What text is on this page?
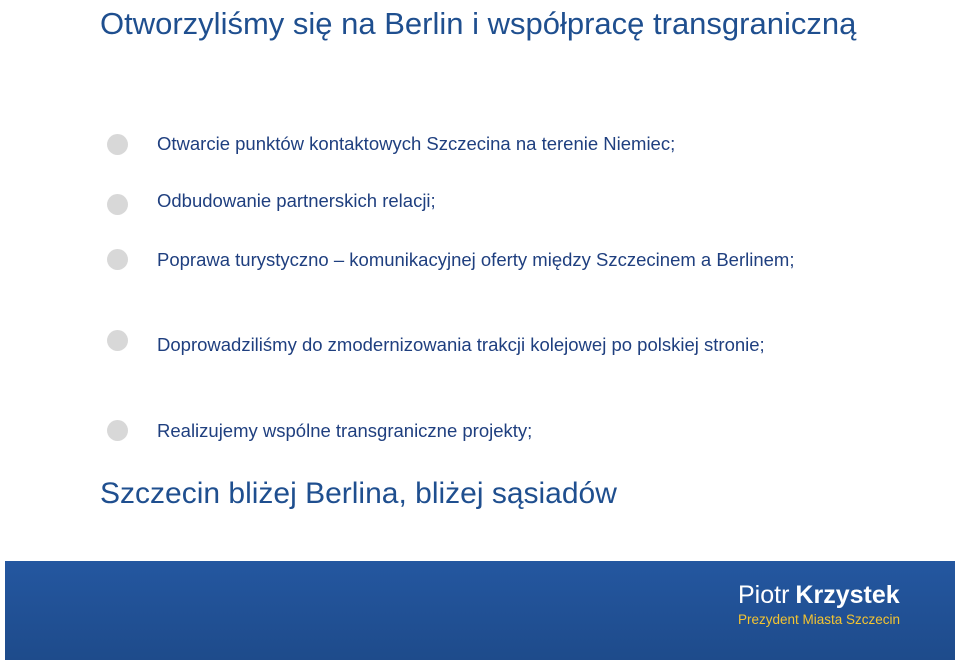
Otworzyliśmy się na Berlin i współpracę transgraniczną
Otwarcie punktów kontaktowych Szczecina na terenie Niemiec;
Odbudowanie partnerskich relacji;
Poprawa turystyczno – komunikacyjnej oferty między Szczecinem a Berlinem;
Doprowadziliśmy do zmodernizowania trakcji kolejowej po polskiej stronie;
Realizujemy wspólne transgraniczne projekty;
Szczecin bliżej Berlina, bliżej sąsiadów
Piotr Krzystek
Prezydent Miasta Szczecin
